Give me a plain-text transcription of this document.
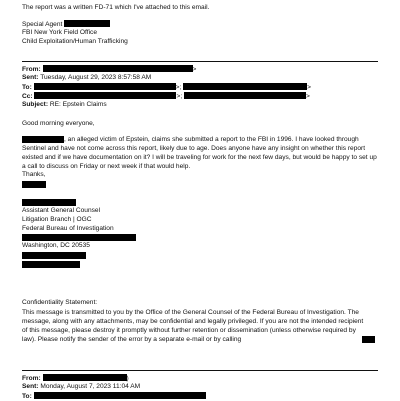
The report was a written FD-71 which I've attached to this email.
Special Agent
FBI New York Field Office
Child Exploitation/Human Trafficking
From:	>
Sent: Tuesday, August 29, 2023 8:57:58 AM
To:	>;	>
Cc:	>;	>
Subject: RE: Epstein Claims
Good morning everyone,
, an alleged victim of Epstein, claims she submitted a report to the FBI in 1996. I have looked through Sentinel and have not come across this report, likely due to age. Does anyone have any insight on whether this report existed and if we have documentation on it? I will be traveling for work for the next few days, but would be happy to set up a call to discuss on Friday or next week if that would help.
Thanks,
Assistant General Counsel
Litigation Branch | OGC
Federal Bureau of Investigation
Washington, DC 20535
Confidentiality Statement:
This message is transmitted to you by the Office of the General Counsel of the Federal Bureau of Investigation. The message, along with any attachments, may be confidential and legally privileged. If you are not the intended recipient of this message, please destroy it promptly without further retention or dissemination (unless otherwise required by law). Please notify the sender of the error by a separate e-mail or by calling
From:	)
Sent: Monday, August 7, 2023 11:04 AM
To:
